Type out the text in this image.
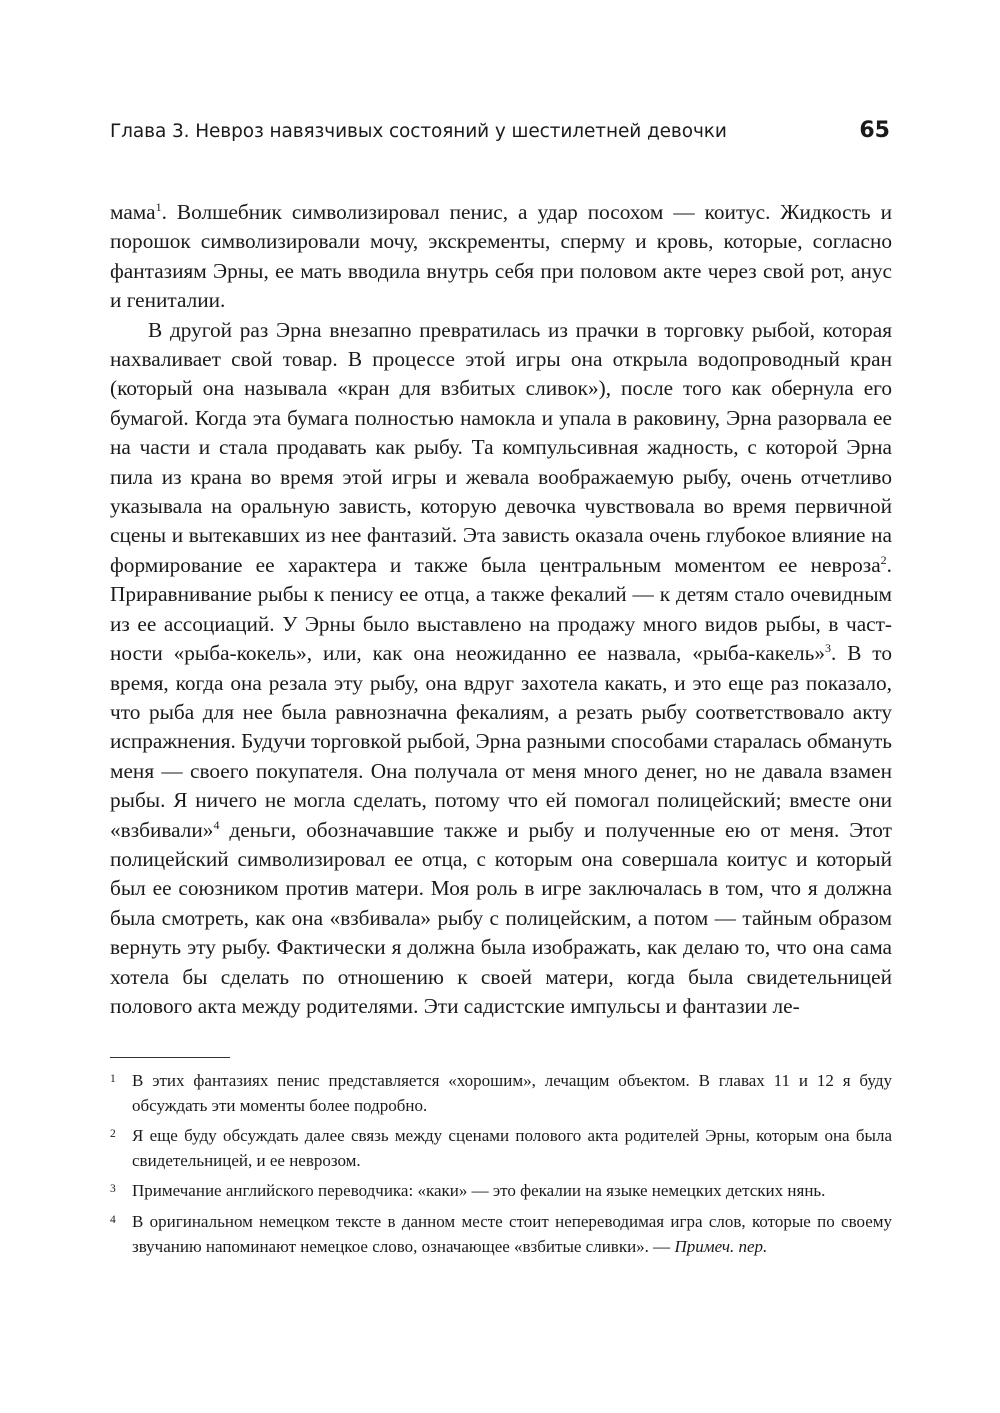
Глава 3. Невроз навязчивых состояний у шестилетней девочки	65

мама$^1$. Волшебник символизировал пенис, а удар посохом — коитус. Жидкость и порошок символизировали мочу, экскременты, сперму и кровь, которые, согласно фантазиям Эрны, ее мать вводила внутрь себя при половом акте через свой рот, анус и гениталии.

В другой раз Эрна внезапно превратилась из прачки в торговку рыбой, которая нахваливает свой товар. В процессе этой игры она открыла водопроводный кран (который она называла «кран для взбитых сливок»), после того как обернула его бумагой. Когда эта бумага полностью намокла и упала в раковину, Эрна разорвала ее на части и стала продавать как рыбу. Та компульсивная жадность, с которой Эрна пила из крана во время этой игры и жевала воображаемую рыбу, очень отчетливо указывала на оральную зависть, которую девочка чувствовала во время первичной сцены и вытекавших из нее фантазий. Эта зависть оказала очень глубокое влияние на формирование ее характера и также была центральным моментом ее невроза$^2$. Приравнивание рыбы к пенису ее отца, а также фекалий — к детям стало очевидным из ее ассоциаций. У Эрны было выставлено на продажу много видов рыбы, в частности «рыба-кокель», или, как она неожиданно ее назвала, «рыба-какель»$^3$. В то время, когда она резала эту рыбу, она вдруг захотела какать, и это еще раз показало, что рыба для нее была равнозначна фекалиям, а резать рыбу соответствовало акту испражнения. Будучи торговкой рыбой, Эрна разными способами старалась обмануть меня — своего покупателя. Она получала от меня много денег, но не давала взамен рыбы. Я ничего не могла сделать, потому что ей помогал полицейский; вместе они «взбивали»$^4$ деньги, обозначавшие также и рыбу и полученные ею от меня. Этот полицейский символизировал ее отца, с которым она совершала коитус и который был ее союзником против матери. Моя роль в игре заключалась в том, что я должна была смотреть, как она «взбивала» рыбу с полицейским, а потом — тайным образом вернуть эту рыбу. Фактически я должна была изображать, как делаю то, что она сама хотела бы сделать по отношению к своей матери, когда была свидетельницей полового акта между родителями. Эти садистские импульсы и фантазии ле-

1 В этих фантазиях пенис представляется «хорошим», лечащим объектом. В главах 11 и 12 я буду обсуждать эти моменты более подробно.
2 Я еще буду обсуждать далее связь между сценами полового акта родителей Эрны, которым она была свидетельницей, и ее неврозом.
3 Примечание английского переводчика: «каки» — это фекалии на языке немецких детских нянь.
4 В оригинальном немецком тексте в данном месте стоит непереводимая игра слов, которые по своему звучанию напоминают немецкое слово, означающее «взбитые сливки». — Примеч. пер.
